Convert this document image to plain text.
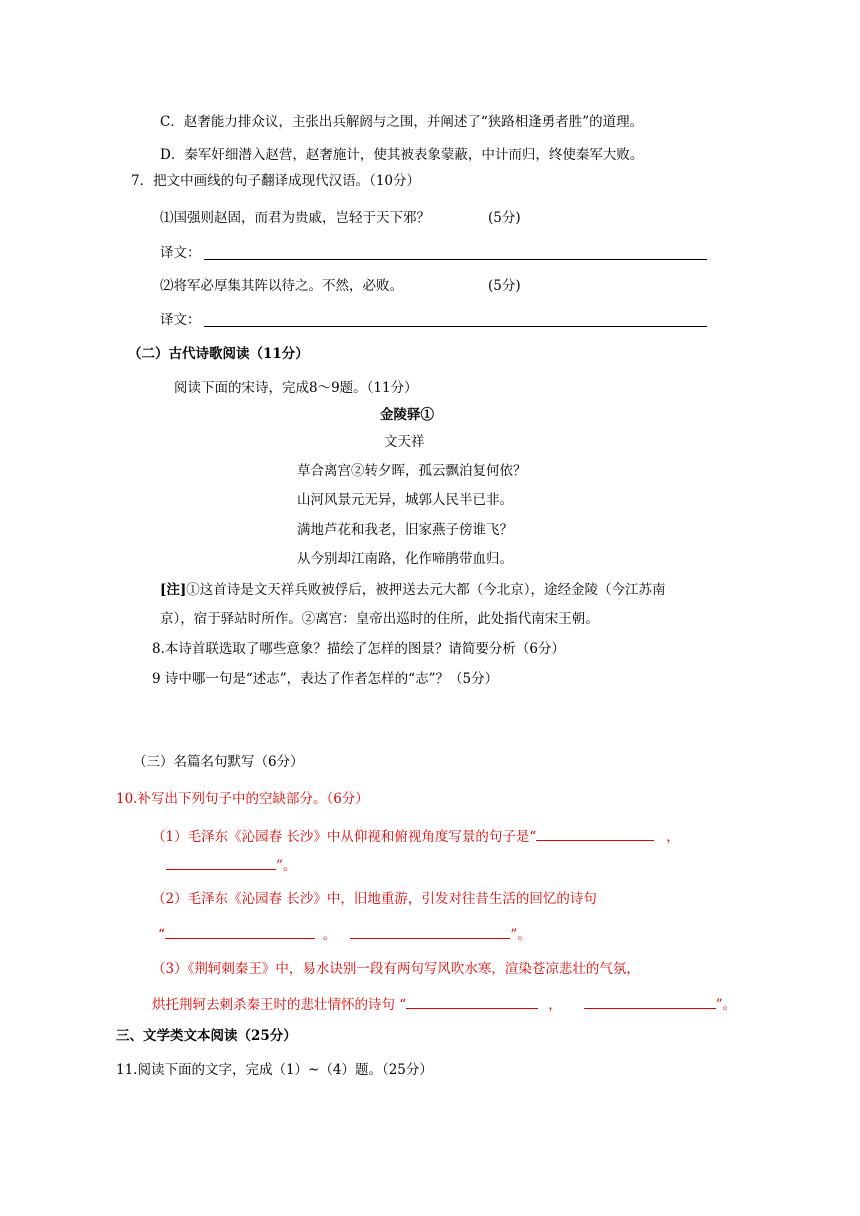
C．赵奢能力排众议，主张出兵解阏与之围，并阐述了“狭路相逢勇者胜”的道理。
D．秦军奸细潜入赵营，赵奢施计，使其被表象蒙蔽，中计而归，终使秦军大败。
7．把文中画线的句子翻译成现代汉语。（10分）
⑴国强则赵固，而君为贵戚，岂轻于天下邪？	(5分)
译文：
⑵将军必厚集其阵以待之。不然，必败。	(5分)
译文：
（二）古代诗歌阅读（11分）
阅读下面的宋诗，完成8～9题。（11分）
金陵驿①
文天祥
草合离宫②转夕晖，孤云飘泊复何依？
山河风景元无异，城郭人民半已非。
满地芦花和我老，旧家燕子傍谁飞？
从今别却江南路，化作啼鹃带血归。
[注]①这首诗是文天祥兵败被俘后，被押送去元大都（今北京），途经金陵（今江苏南
京），宿于驿站时所作。②离宫：皇帝出巡时的住所，此处指代南宋王朝。
8.本诗首联选取了哪些意象？描绘了怎样的图景？请简要分析（6分）
9 诗中哪一句是“述志”，表达了作者怎样的“志”？（5分）
（三）名篇名句默写（6分）
10.补写出下列句子中的空缺部分。（6分）
（1）毛泽东《沁园春 长沙》中从仰视和俯视角度写景的句子是“	，
”。
（2）毛泽东《沁园春 长沙》中，旧地重游，引发对往昔生活的回忆的诗句
“	。	”。
（3）《荆轲刺秦王》中，易水诀别一段有两句写风吹水寒，渲染苍凉悲壮的气氛，
烘托荆轲去刺杀秦王时的悲壮情怀的诗句 “	，	”。
三、文学类文本阅读（25分）
11.阅读下面的文字，完成（1）~（4）题。（25分）
